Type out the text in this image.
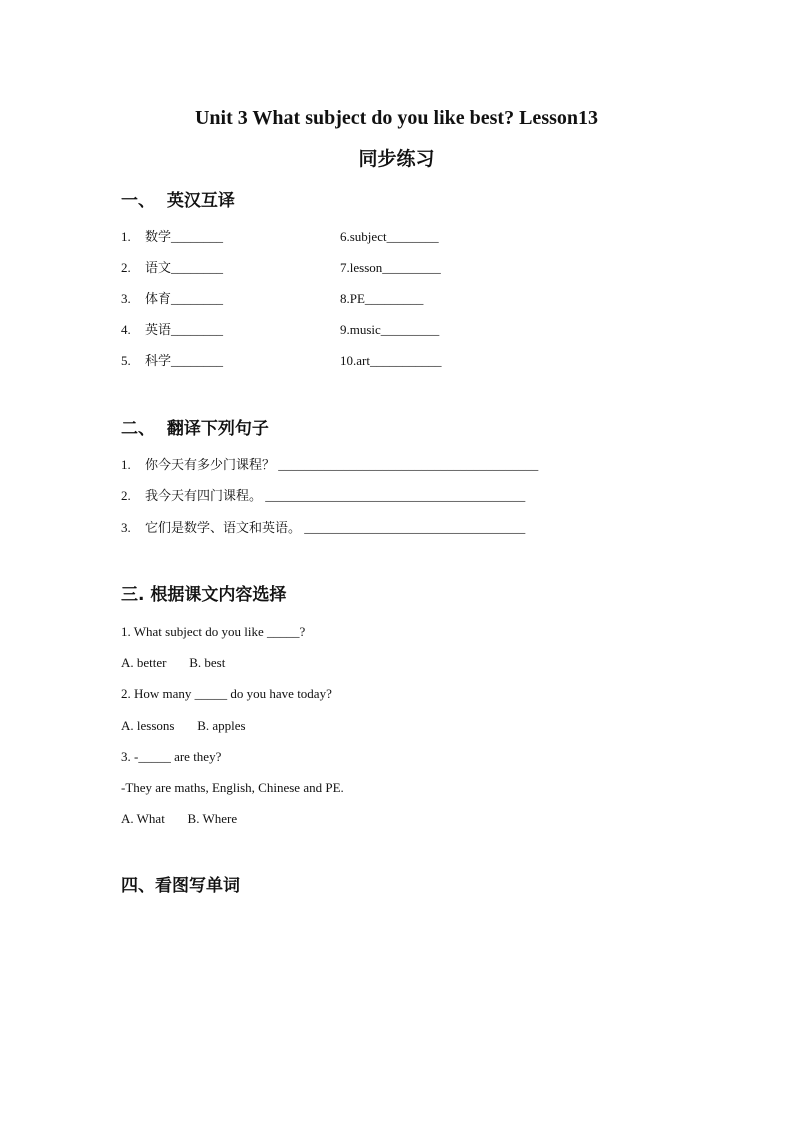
Unit 3 What subject do you like best? Lesson13
同步练习
一、  英汉互译
1. 数学________
2. 语文________
3. 体育________
4. 英语________
5. 科学________
6.subject________
7.lesson_________
8.PE_________
9.music_________
10.art___________
二、  翻译下列句子
1. 你今天有多少门课程？ ________________________________________
2. 我今天有四门课程。 ________________________________________
3. 它们是数学、语文和英语。 __________________________________
三. 根据课文内容选择
1. What subject do you like _____?
A. better       B. best
2. How many _____ do you have today?
A. lessons       B. apples
3. -_____ are they?
-They are maths, English, Chinese and PE.
A. What       B. Where
四、看图写单词
